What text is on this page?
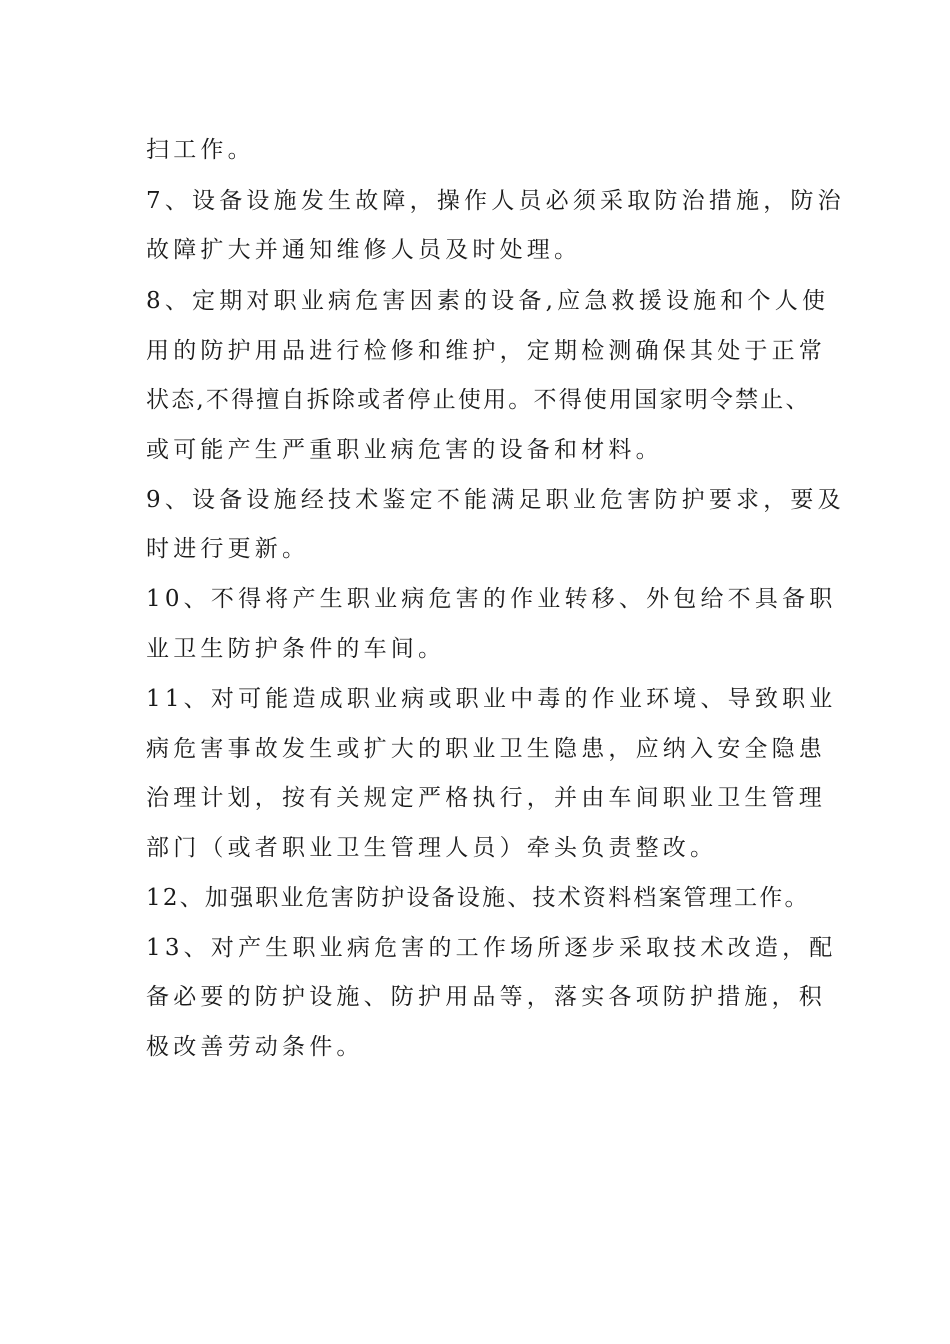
扫工作。

7、设备设施发生故障，操作人员必须采取防治措施，防治

故障扩大并通知维修人员及时处理。

8、定期对职业病危害因素的设备,应急救援设施和个人使

用的防护用品进行检修和维护，定期检测确保其处于正常

状态,不得擅自拆除或者停止使用。不得使用国家明令禁止、

或可能产生严重职业病危害的设备和材料。

9、设备设施经技术鉴定不能满足职业危害防护要求，要及

时进行更新。

10、不得将产生职业病危害的作业转移、外包给不具备职

业卫生防护条件的车间。

11、对可能造成职业病或职业中毒的作业环境、导致职业

病危害事故发生或扩大的职业卫生隐患，应纳入安全隐患

治理计划，按有关规定严格执行，并由车间职业卫生管理

部门（或者职业卫生管理人员）牵头负责整改。

12、加强职业危害防护设备设施、技术资料档案管理工作。

13、对产生职业病危害的工作场所逐步采取技术改造，配

备必要的防护设施、防护用品等，落实各项防护措施，积

极改善劳动条件。
